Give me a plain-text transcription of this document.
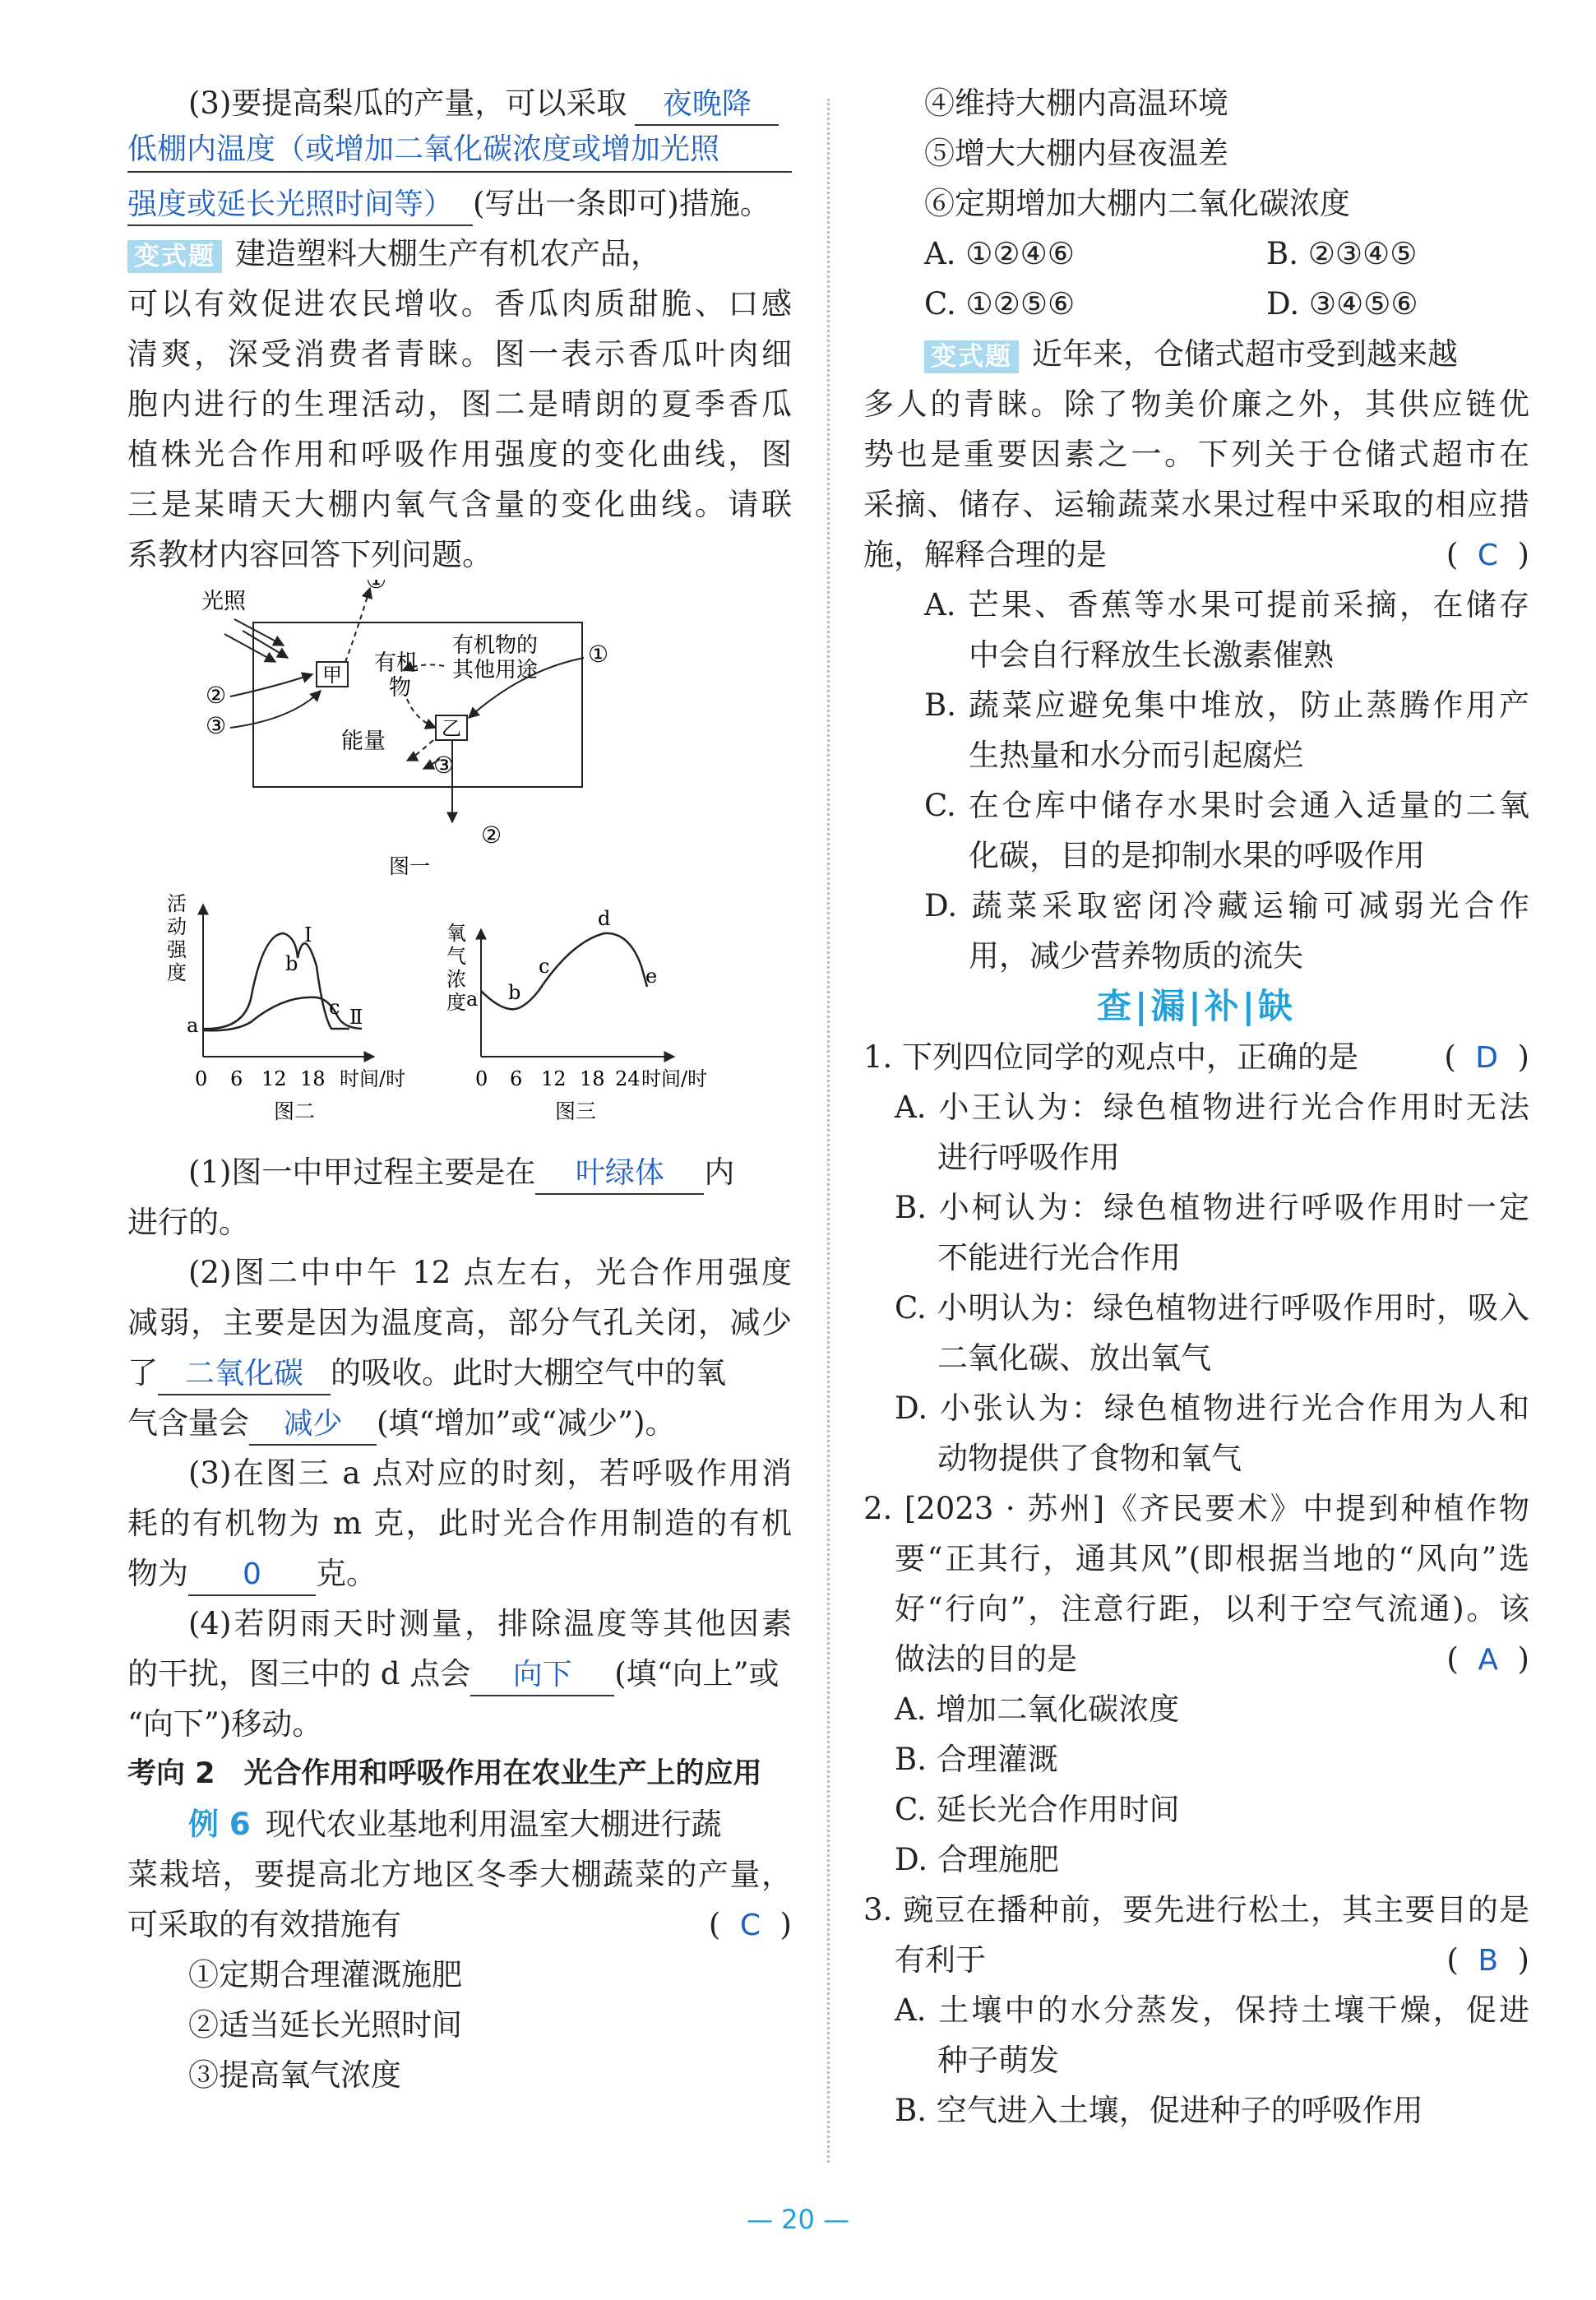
(3)要提高梨瓜的产量，可以采取 夜晚降
低棚内温度（或增加二氧化碳浓度或增加光照
强度或延长光照时间等） (写出一条即可)措施。
变式题 建造塑料大棚生产有机农产品，
可以有效促进农民增收。香瓜肉质甜脆、口感
清爽，深受消费者青睐。图一表示香瓜叶肉细
胞内进行的生理活动，图二是晴朗的夏季香瓜
植株光合作用和呼吸作用强度的变化曲线，图
三是某晴天大棚内氧气含量的变化曲线。请联
系教材内容回答下列问题。
光照
甲
①
有机
物
有机物的
其他用途
乙
①
②
③
能量
③
②
图一
活
动
强
度
a
b
c
Ⅰ
Ⅱ
0 6 12 18 时间/时
图二
氧
气
浓
度 a b
c
d
e
0 6 12 18 24 时间/时
图三
(1)图一中甲过程主要是在 叶绿体 内
进行的。
(2)图二中中午 12 点左右，光合作用强度
减弱，主要是因为温度高，部分气孔关闭，减少
了 二氧化碳 的吸收。此时大棚空气中的氧
气含量会 减少 (填“增加”或“减少”)。
(3)在图三 a 点对应的时刻，若呼吸作用消
耗的有机物为 m 克，此时光合作用制造的有机
物为 0 克。
(4)若阴雨天时测量，排除温度等其他因素
的干扰，图三中的 d 点会 向下 (填“向上”或
“向下”)移动。
考向 2　光合作用和呼吸作用在农业生产上的应用
例 6 现代农业基地利用温室大棚进行蔬
菜栽培，要提高北方地区冬季大棚蔬菜的产量，
可采取的有效措施有	(  C  )
①定期合理灌溉施肥
②适当延长光照时间
③提高氧气浓度
④维持大棚内高温环境
⑤增大大棚内昼夜温差
⑥定期增加大棚内二氧化碳浓度
A. ①②④⑥	B. ②③④⑤
C. ①②⑤⑥	D. ③④⑤⑥
变式题 近年来，仓储式超市受到越来越
多人的青睐。除了物美价廉之外，其供应链优
势也是重要因素之一。下列关于仓储式超市在
采摘、储存、运输蔬菜水果过程中采取的相应措
施，解释合理的是	(  C  )
A. 芒果、香蕉等水果可提前采摘，在储存
中会自行释放生长激素催熟
B. 蔬菜应避免集中堆放，防止蒸腾作用产
生热量和水分而引起腐烂
C. 在仓库中储存水果时会通入适量的二氧
化碳，目的是抑制水果的呼吸作用
D. 蔬菜采取密闭冷藏运输可减弱光合作
用，减少营养物质的流失
查|漏|补|缺
1. 下列四位同学的观点中，正确的是	(  D  )
A. 小王认为：绿色植物进行光合作用时无法
进行呼吸作用
B. 小柯认为：绿色植物进行呼吸作用时一定
不能进行光合作用
C. 小明认为：绿色植物进行呼吸作用时，吸入
二氧化碳、放出氧气
D. 小张认为：绿色植物进行光合作用为人和
动物提供了食物和氧气
2. [2023 · 苏州]《齐民要术》中提到种植作物
要“正其行，通其风”(即根据当地的“风向”选
好“行向”，注意行距，以利于空气流通)。该
做法的目的是	(  A  )
A. 增加二氧化碳浓度
B. 合理灌溉
C. 延长光合作用时间
D. 合理施肥
3. 豌豆在播种前，要先进行松土，其主要目的是
有利于	(  B  )
A. 土壤中的水分蒸发，保持土壤干燥，促进
种子萌发
B. 空气进入土壤，促进种子的呼吸作用
— 20 —
